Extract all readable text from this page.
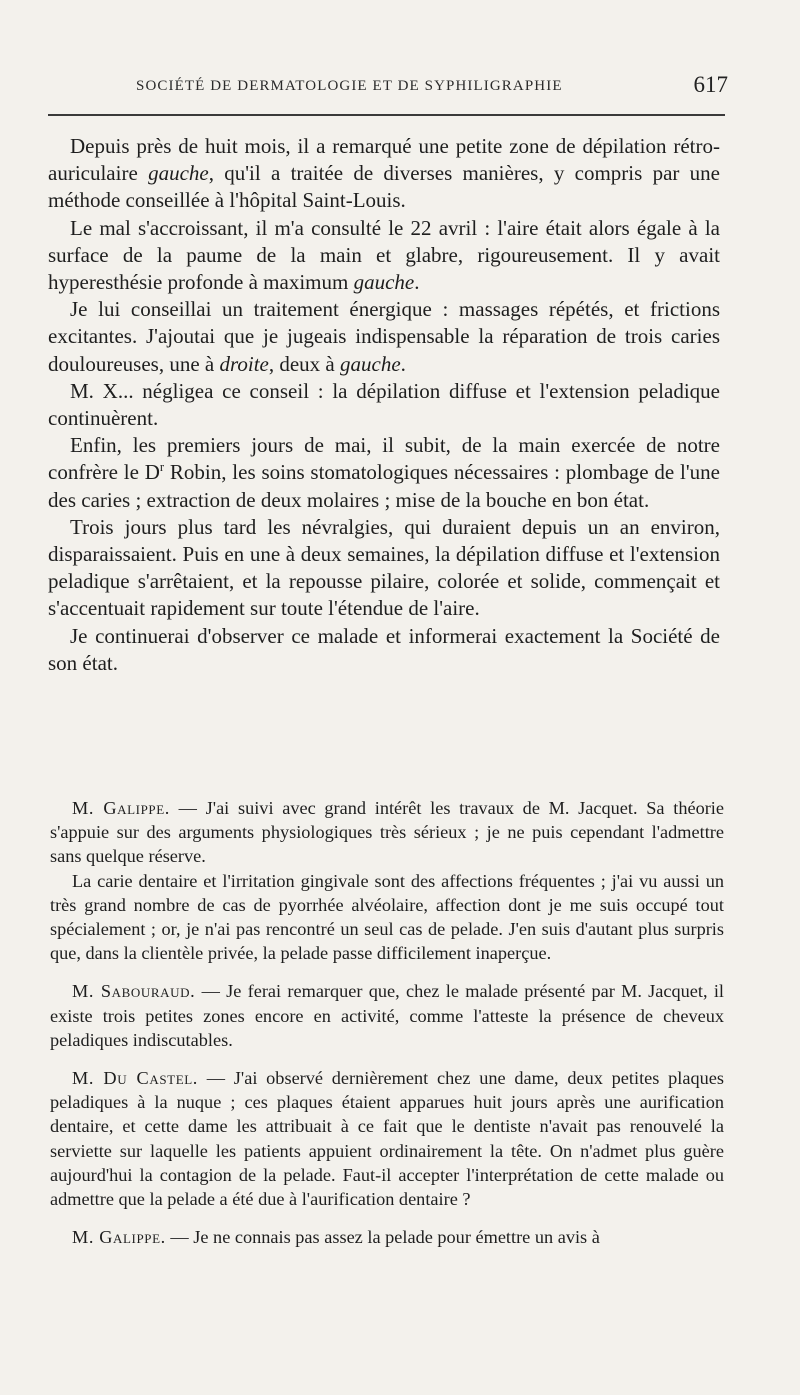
SOCIÉTÉ DE DERMATOLOGIE ET DE SYPHILIGRAPHIE	617

Depuis près de huit mois, il a remarqué une petite zone de dépilation rétro-auriculaire gauche, qu'il a traitée de diverses manières, y compris par une méthode conseillée à l'hôpital Saint-Louis.

Le mal s'accroissant, il m'a consulté le 22 avril : l'aire était alors égale à la surface de la paume de la main et glabre, rigoureusement. Il y avait hyperesthésie profonde à maximum gauche.

Je lui conseillai un traitement énergique : massages répétés, et frictions excitantes. J'ajoutai que je jugeais indispensable la réparation de trois caries douloureuses, une à droite, deux à gauche.

M. X... négligea ce conseil : la dépilation diffuse et l'extension peladique continuèrent.

Enfin, les premiers jours de mai, il subit, de la main exercée de notre confrère le $D^r$ Robin, les soins stomatologiques nécessaires : plombage de l'une des caries ; extraction de deux molaires ; mise de la bouche en bon état.

Trois jours plus tard les névralgies, qui duraient depuis un an environ, disparaissaient. Puis en une à deux semaines, la dépilation diffuse et l'extension peladique s'arrêtaient, et la repousse pilaire, colorée et solide, commençait et s'accentuait rapidement sur toute l'étendue de l'aire.

Je continuerai d'observer ce malade et informerai exactement la Société de son état.

M. Galippe. — J'ai suivi avec grand intérêt les travaux de M. Jacquet. Sa théorie s'appuie sur des arguments physiologiques très sérieux ; je ne puis cependant l'admettre sans quelque réserve.

La carie dentaire et l'irritation gingivale sont des affections fréquentes ; j'ai vu aussi un très grand nombre de cas de pyorrhée alvéolaire, affection dont je me suis occupé tout spécialement ; or, je n'ai pas rencontré un seul cas de pelade. J'en suis d'autant plus surpris que, dans la clientèle privée, la pelade passe difficilement inaperçue.

M. Sabouraud. — Je ferai remarquer que, chez le malade présenté par M. Jacquet, il existe trois petites zones encore en activité, comme l'atteste la présence de cheveux peladiques indiscutables.

M. Du Castel. — J'ai observé dernièrement chez une dame, deux petites plaques peladiques à la nuque ; ces plaques étaient apparues huit jours après une aurification dentaire, et cette dame les attribuait à ce fait que le dentiste n'avait pas renouvelé la serviette sur laquelle les patients appuient ordinairement la tête. On n'admet plus guère aujourd'hui la contagion de la pelade. Faut-il accepter l'interprétation de cette malade ou admettre que la pelade a été due à l'aurification dentaire ?

M. Galippe. — Je ne connais pas assez la pelade pour émettre un avis à
